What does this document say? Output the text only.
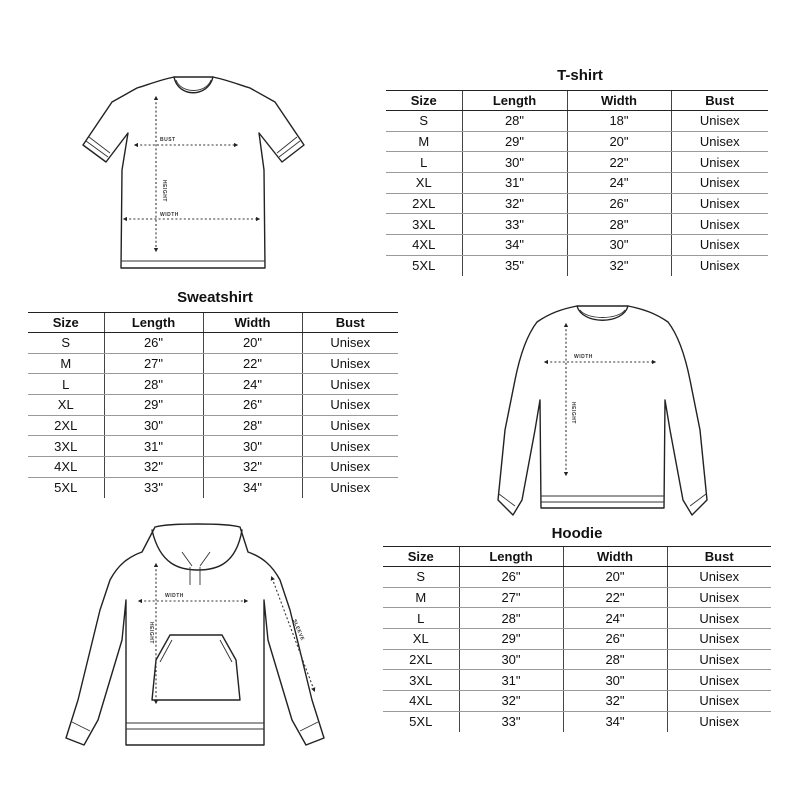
BUST
HEIGHT
WIDTH
T-shirt
Size	Length	Width	Bust
S	28"	18"	Unisex
M	29"	20"	Unisex
L	30"	22"	Unisex
XL	31"	24"	Unisex
2XL	32"	26"	Unisex
3XL	33"	28"	Unisex
4XL	34"	30"	Unisex
5XL	35"	32"	Unisex
Sweatshirt
Size	Length	Width	Bust
S	26"	20"	Unisex
M	27"	22"	Unisex
L	28"	24"	Unisex
XL	29"	26"	Unisex
2XL	30"	28"	Unisex
3XL	31"	30"	Unisex
4XL	32"	32"	Unisex
5XL	33"	34"	Unisex
WIDTH
HEIGHT
WIDTH
HEIGHT	SLEEVE
Hoodie
Size	Length	Width	Bust
S	26"	20"	Unisex
M	27"	22"	Unisex
L	28"	24"	Unisex
XL	29"	26"	Unisex
2XL	30"	28"	Unisex
3XL	31"	30"	Unisex
4XL	32"	32"	Unisex
5XL	33"	34"	Unisex
